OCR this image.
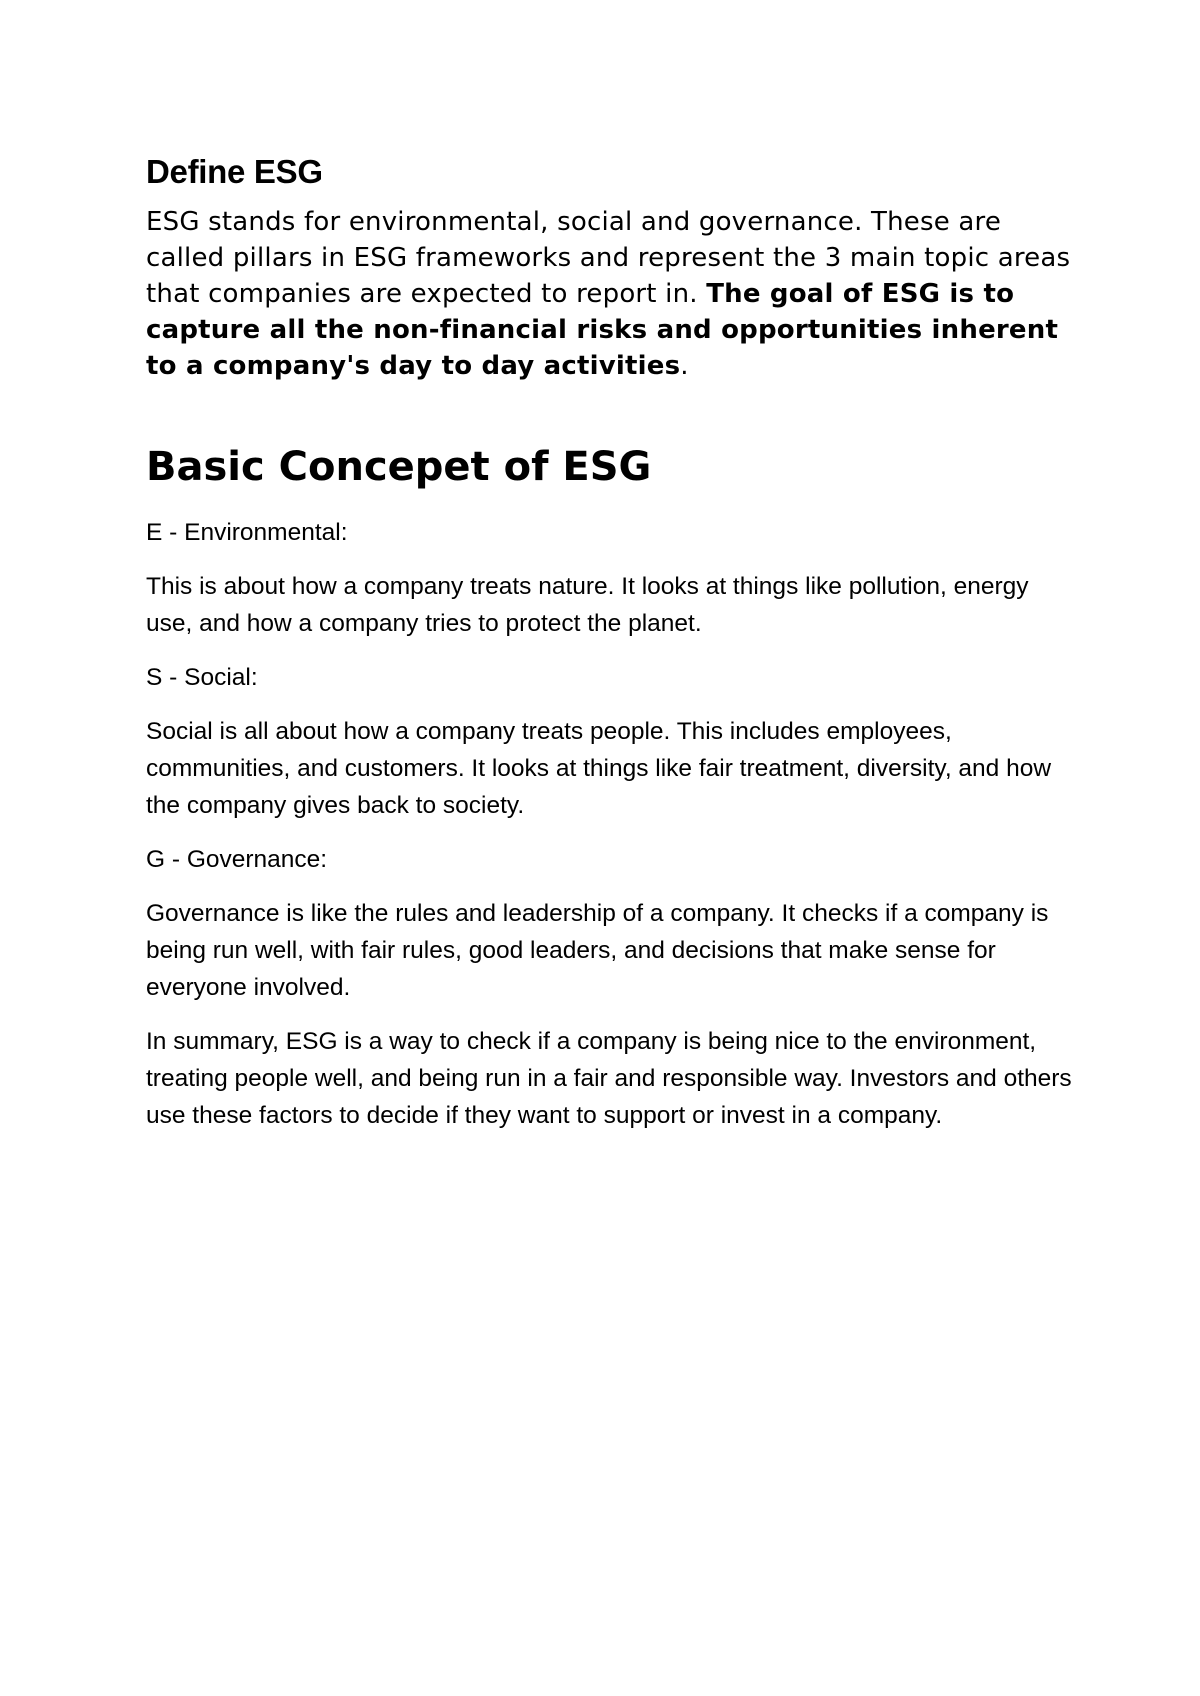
Define ESG

ESG stands for environmental, social and governance. These are called pillars in ESG frameworks and represent the 3 main topic areas that companies are expected to report in. The goal of ESG is to capture all the non-financial risks and opportunities inherent to a company's day to day activities.

Basic Concepet of ESG

E - Environmental:

This is about how a company treats nature. It looks at things like pollution, energy use, and how a company tries to protect the planet.

S - Social:

Social is all about how a company treats people. This includes employees, communities, and customers. It looks at things like fair treatment, diversity, and how the company gives back to society.

G - Governance:

Governance is like the rules and leadership of a company. It checks if a company is being run well, with fair rules, good leaders, and decisions that make sense for everyone involved.

In summary, ESG is a way to check if a company is being nice to the environment, treating people well, and being run in a fair and responsible way. Investors and others use these factors to decide if they want to support or invest in a company.
